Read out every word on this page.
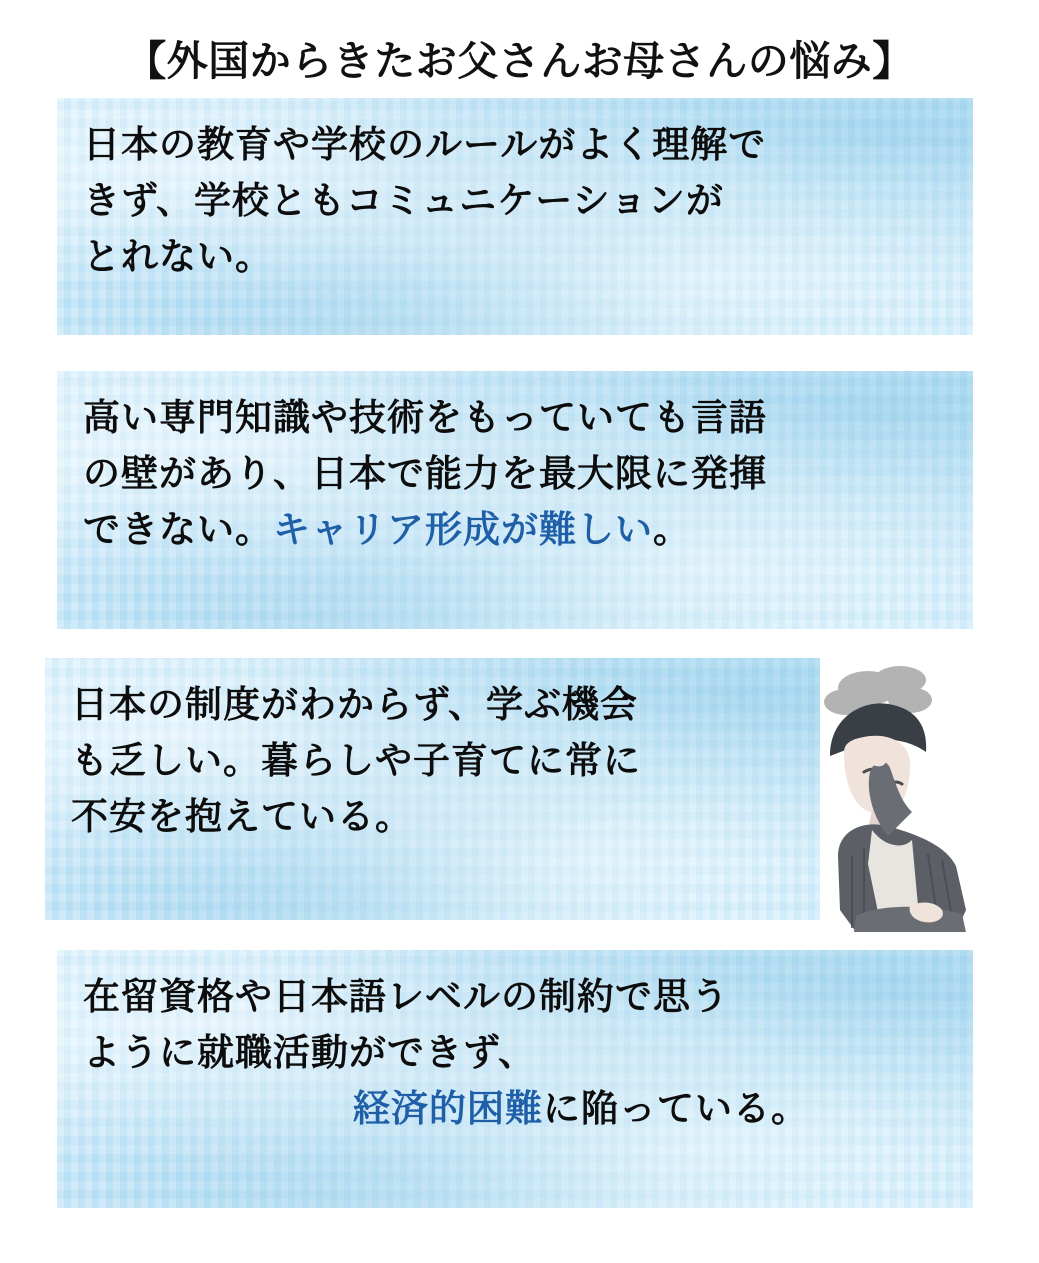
【外国からきたお父さんお母さんの悩み】
日本の教育や学校のルールがよく理解で
きず、学校ともコミュニケーションが
とれない。
高い専門知識や技術をもっていても言語
の壁があり、日本で能力を最大限に発揮
できない。キャリア形成が難しい。
日本の制度がわからず、学ぶ機会
も乏しい。暮らしや子育てに常に
不安を抱えている。
在留資格や日本語レベルの制約で思う
ように就職活動ができず、
経済的困難に陥っている。
